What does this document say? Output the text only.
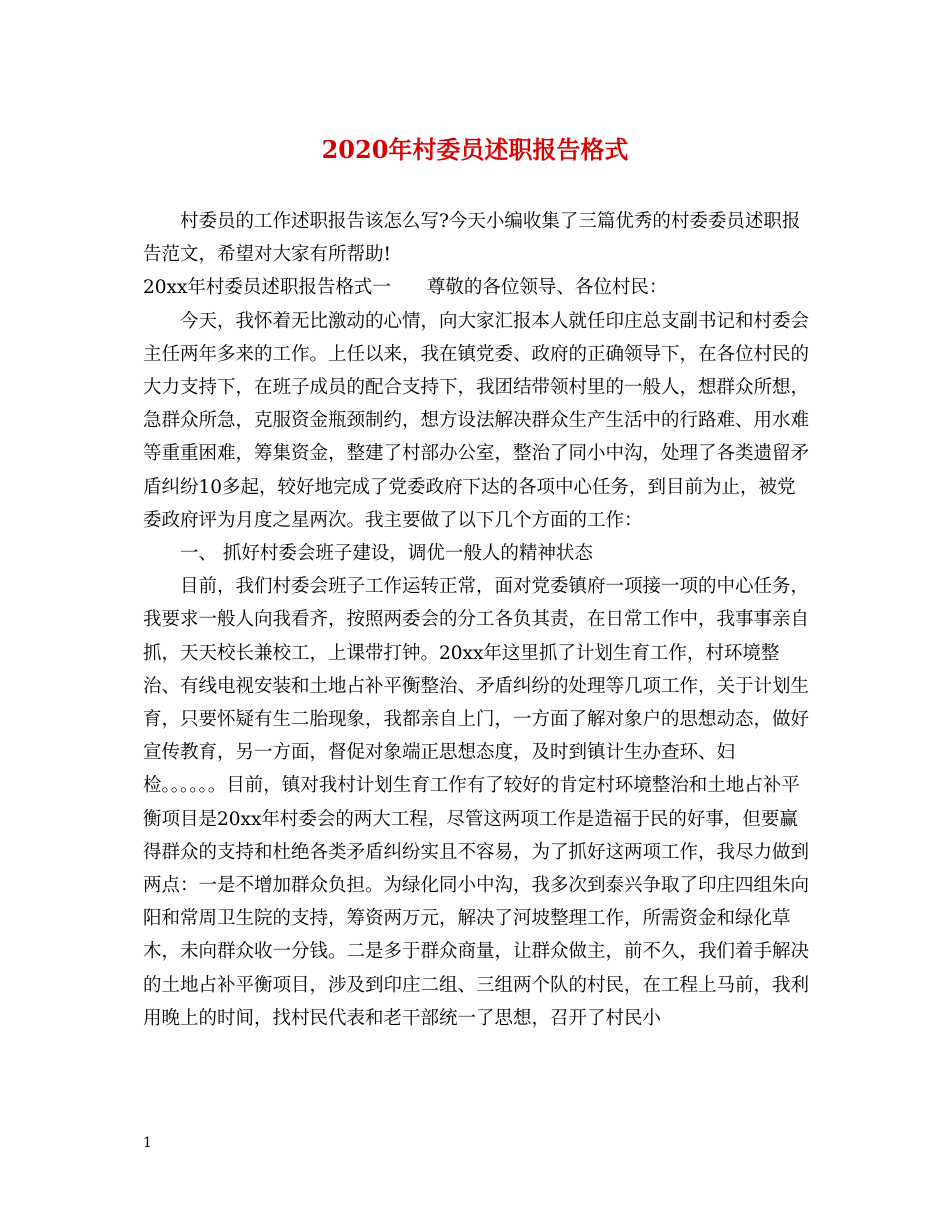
2020年村委员述职报告格式

村委员的工作述职报告该怎么写?今天小编收集了三篇优秀的村委委员述职报告范文，希望对大家有所帮助!

20xx年村委员述职报告格式一 尊敬的各位领导、各位村民：

今天，我怀着无比激动的心情，向大家汇报本人就任印庄总支副书记和村委会主任两年多来的工作。上任以来，我在镇党委、政府的正确领导下，在各位村民的大力支持下，在班子成员的配合支持下，我团结带领村里的一般人，想群众所想，急群众所急，克服资金瓶颈制约，想方设法解决群众生产生活中的行路难、用水难等重重困难，筹集资金，整建了村部办公室，整治了同小中沟，处理了各类遗留矛盾纠纷10多起，较好地完成了党委政府下达的各项中心任务，到目前为止，被党委政府评为月度之星两次。我主要做了以下几个方面的工作：

一、 抓好村委会班子建设，调优一般人的精神状态

目前，我们村委会班子工作运转正常，面对党委镇府一项接一项的中心任务，我要求一般人向我看齐，按照两委会的分工各负其责，在日常工作中，我事事亲自抓，天天校长兼校工，上课带打钟。20xx年这里抓了计划生育工作，村环境整治、有线电视安装和土地占补平衡整治、矛盾纠纷的处理等几项工作，关于计划生育，只要怀疑有生二胎现象，我都亲自上门，一方面了解对象户的思想动态，做好宣传教育，另一方面，督促对象端正思想态度，及时到镇计生办查环、妇检。。。。。。目前，镇对我村计划生育工作有了较好的肯定村环境整治和土地占补平衡项目是20xx年村委会的两大工程，尽管这两项工作是造福于民的好事，但要赢得群众的支持和杜绝各类矛盾纠纷实且不容易，为了抓好这两项工作，我尽力做到两点：一是不增加群众负担。为绿化同小中沟，我多次到泰兴争取了印庄四组朱向阳和常周卫生院的支持，筹资两万元，解决了河坡整理工作，所需资金和绿化草木，未向群众收一分钱。二是多于群众商量，让群众做主，前不久，我们着手解决的土地占补平衡项目，涉及到印庄二组、三组两个队的村民，在工程上马前，我利用晚上的时间，找村民代表和老干部统一了思想，召开了村民小

1
